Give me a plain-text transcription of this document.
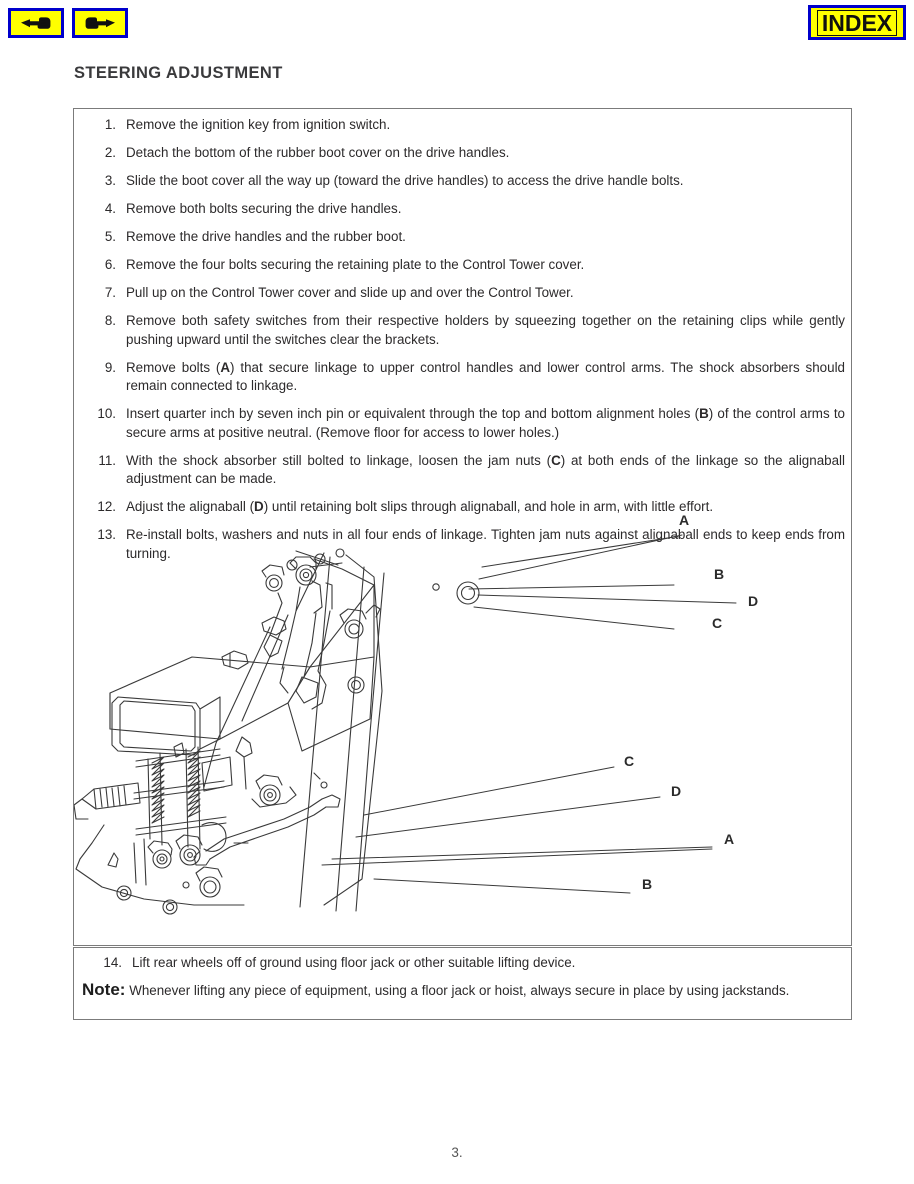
INDEX
STEERING ADJUSTMENT
1. Remove the ignition key from ignition switch.
2. Detach the bottom of the rubber boot cover on the drive handles.
3. Slide the boot cover all the way up (toward the drive handles) to access the drive handle bolts.
4. Remove both bolts securing the drive handles.
5. Remove the drive handles and the rubber boot.
6. Remove the four bolts securing the retaining plate to the Control Tower cover.
7. Pull up on the Control Tower cover and slide up and over the Control Tower.
8. Remove both safety switches from their respective holders by squeezing together on the retaining clips while gently pushing upward until the switches clear the brackets.
9. Remove bolts (A) that secure linkage to upper control handles and lower control arms. The shock absorbers should remain connected to linkage.
10. Insert quarter inch by seven inch pin or equivalent through the top and bottom alignment holes (B) of the control arms to secure arms at positive neutral. (Remove floor for access to lower holes.)
11. With the shock absorber still bolted to linkage, loosen the jam nuts (C) at both ends of the linkage so the alignaball adjustment can be made.
12. Adjust the alignaball (D) until retaining bolt slips through alignaball, and hole in arm, with little effort.
13. Re-install bolts, washers and nuts in all four ends of linkage. Tighten jam nuts against alignaball ends to keep ends from turning.
A
B
D
C
C
D
A
B
14. Lift rear wheels off of ground using floor jack or other suitable lifting device.
Note: Whenever lifting any piece of equipment, using a floor jack or hoist, always secure in place by using jackstands.
3.
